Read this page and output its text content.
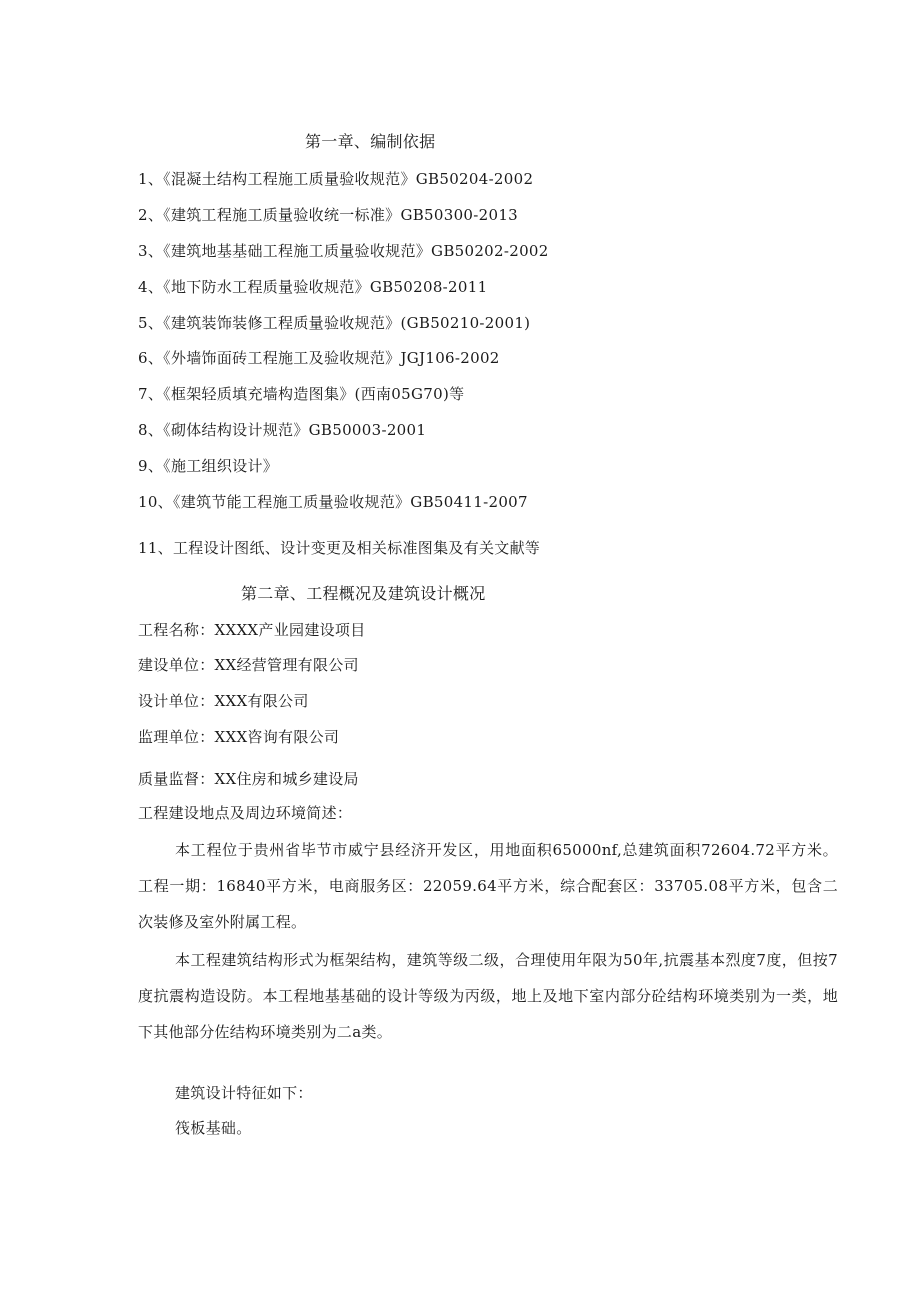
第一章、编制依据
1、《混凝土结构工程施工质量验收规范》GB50204-2002
2、《建筑工程施工质量验收统一标准》GB50300-2013
3、《建筑地基基础工程施工质量验收规范》GB50202-2002
4、《地下防水工程质量验收规范》GB50208-2011
5、《建筑装饰装修工程质量验收规范》(GB50210-2001)
6、《外墙饰面砖工程施工及验收规范》JGJ106-2002
7、《框架轻质填充墙构造图集》(西南05G70)等
8、《砌体结构设计规范》GB50003-2001
9、《施工组织设计》
10、《建筑节能工程施工质量验收规范》GB50411-2007
11、工程设计图纸、设计变更及相关标准图集及有关文献等
第二章、工程概况及建筑设计概况
工程名称：XXXX产业园建设项目
建设单位：XX经营管理有限公司
设计单位：XXX有限公司
监理单位：XXX咨询有限公司
质量监督：XX住房和城乡建设局
工程建设地点及周边环境简述：
本工程位于贵州省毕节市威宁县经济开发区，用地面积65000nf,总建筑面积72604.72平方米。工程一期：16840平方米，电商服务区：22059.64平方米，综合配套区：33705.08平方米，包含二次装修及室外附属工程。
本工程建筑结构形式为框架结构，建筑等级二级，合理使用年限为50年,抗震基本烈度7度，但按7度抗震构造设防。本工程地基基础的设计等级为丙级，地上及地下室内部分砼结构环境类别为一类，地下其他部分佐结构环境类别为二a类。
建筑设计特征如下：
筏板基础。
